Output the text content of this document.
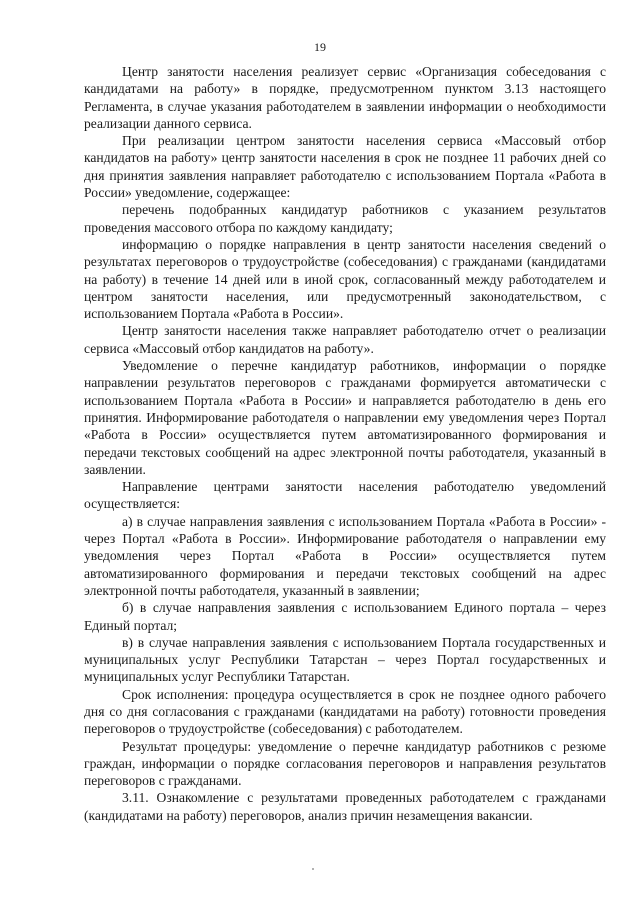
19

Центр занятости населения реализует сервис «Организация собеседования с кандидатами на работу» в порядке, предусмотренном пунктом 3.13 настоящего Регламента, в случае указания работодателем в заявлении информации о необходимости реализации данного сервиса.

При реализации центром занятости населения сервиса «Массовый отбор кандидатов на работу» центр занятости населения в срок не позднее 11 рабочих дней со дня принятия заявления направляет работодателю с использованием Портала «Работа в России» уведомление, содержащее:

перечень подобранных кандидатур работников с указанием результатов проведения массового отбора по каждому кандидату;

информацию о порядке направления в центр занятости населения сведений о результатах переговоров о трудоустройстве (собеседования) с гражданами (кандидатами на работу) в течение 14 дней или в иной срок, согласованный между работодателем и центром занятости населения, или предусмотренный законодательством, с использованием Портала «Работа в России».

Центр занятости населения также направляет работодателю отчет о реализации сервиса «Массовый отбор кандидатов на работу».

Уведомление о перечне кандидатур работников, информации о порядке направлении результатов переговоров с гражданами формируется автоматически с использованием Портала «Работа в России» и направляется работодателю в день его принятия. Информирование работодателя о направлении ему уведомления через Портал «Работа в России» осуществляется путем автоматизированного формирования и передачи текстовых сообщений на адрес электронной почты работодателя, указанный в заявлении.

Направление центрами занятости населения работодателю уведомлений осуществляется:

а) в случае направления заявления с использованием Портала «Работа в России» - через Портал «Работа в России». Информирование работодателя о направлении ему уведомления через Портал «Работа в России» осуществляется путем автоматизированного формирования и передачи текстовых сообщений на адрес электронной почты работодателя, указанный в заявлении;

б) в случае направления заявления с использованием Единого портала – через Единый портал;

в) в случае направления заявления с использованием Портала государственных и муниципальных услуг Республики Татарстан – через Портал государственных и муниципальных услуг Республики Татарстан.

Срок исполнения: процедура осуществляется в срок не позднее одного рабочего дня со дня согласования с гражданами (кандидатами на работу) готовности проведения переговоров о трудоустройстве (собеседования) с работодателем.

Результат процедуры: уведомление о перечне кандидатур работников с резюме граждан, информации о порядке согласования переговоров и направления результатов переговоров с гражданами.

3.11. Ознакомление с результатами проведенных работодателем с гражданами (кандидатами на работу) переговоров, анализ причин незамещения вакансии.
